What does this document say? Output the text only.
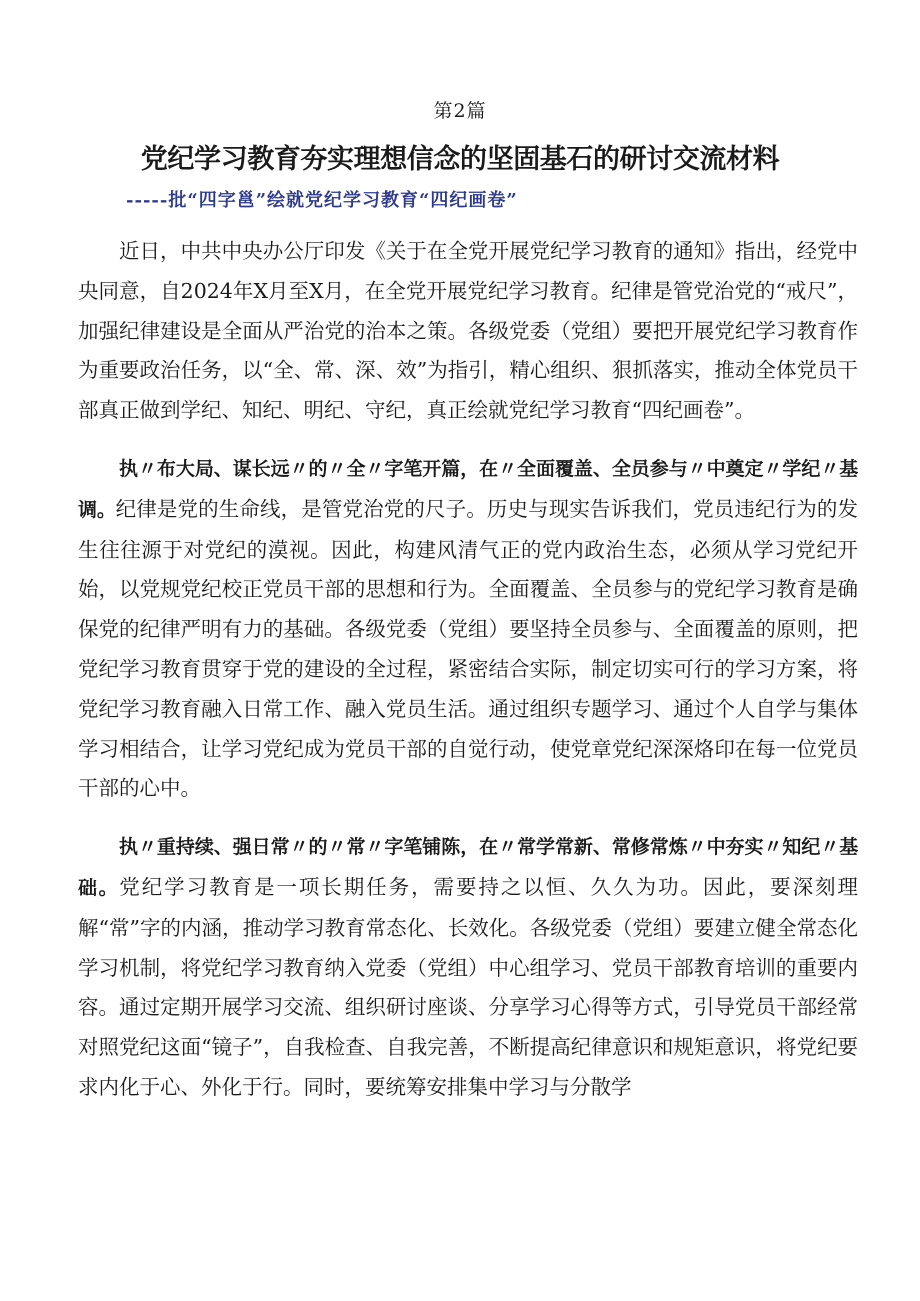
第2篇
党纪学习教育夯实理想信念的坚固基石的研讨交流材料
-----批“四字邕”绘就党纪学习教育“四纪画卷”

近日，中共中央办公厅印发《关于在全党开展党纪学习教育的通知》指出，经党中央同意，自2024年X月至X月，在全党开展党纪学习教育。纪律是管党治党的“戒尺”，加强纪律建设是全面从严治党的治本之策。各级党委（党组）要把开展党纪学习教育作为重要政治任务，以“全、常、深、效”为指引，精心组织、狠抓落实，推动全体党员干部真正做到学纪、知纪、明纪、守纪，真正绘就党纪学习教育“四纪画卷”。

执〃布大局、谋长远〃的〃全〃字笔开篇，在〃全面覆盖、全员参与〃中奠定〃学纪〃基调。纪律是党的生命线，是管党治党的尺子。历史与现实告诉我们，党员违纪行为的发生往往源于对党纪的漠视。因此，构建风清气正的党内政治生态，必须从学习党纪开始，以党规党纪校正党员干部的思想和行为。全面覆盖、全员参与的党纪学习教育是确保党的纪律严明有力的基础。各级党委（党组）要坚持全员参与、全面覆盖的原则，把党纪学习教育贯穿于党的建设的全过程，紧密结合实际，制定切实可行的学习方案，将党纪学习教育融入日常工作、融入党员生活。通过组织专题学习、通过个人自学与集体学习相结合，让学习党纪成为党员干部的自觉行动，使党章党纪深深烙印在每一位党员干部的心中。

执〃重持续、强日常〃的〃常〃字笔铺陈，在〃常学常新、常修常炼〃中夯实〃知纪〃基础。党纪学习教育是一项长期任务，需要持之以恒、久久为功。因此，要深刻理解“常”字的内涵，推动学习教育常态化、长效化。各级党委（党组）要建立健全常态化学习机制，将党纪学习教育纳入党委（党组）中心组学习、党员干部教育培训的重要内容。通过定期开展学习交流、组织研讨座谈、分享学习心得等方式，引导党员干部经常对照党纪这面“镜子”，自我检查、自我完善，不断提高纪律意识和规矩意识，将党纪要求内化于心、外化于行。同时，要统筹安排集中学习与分散学
